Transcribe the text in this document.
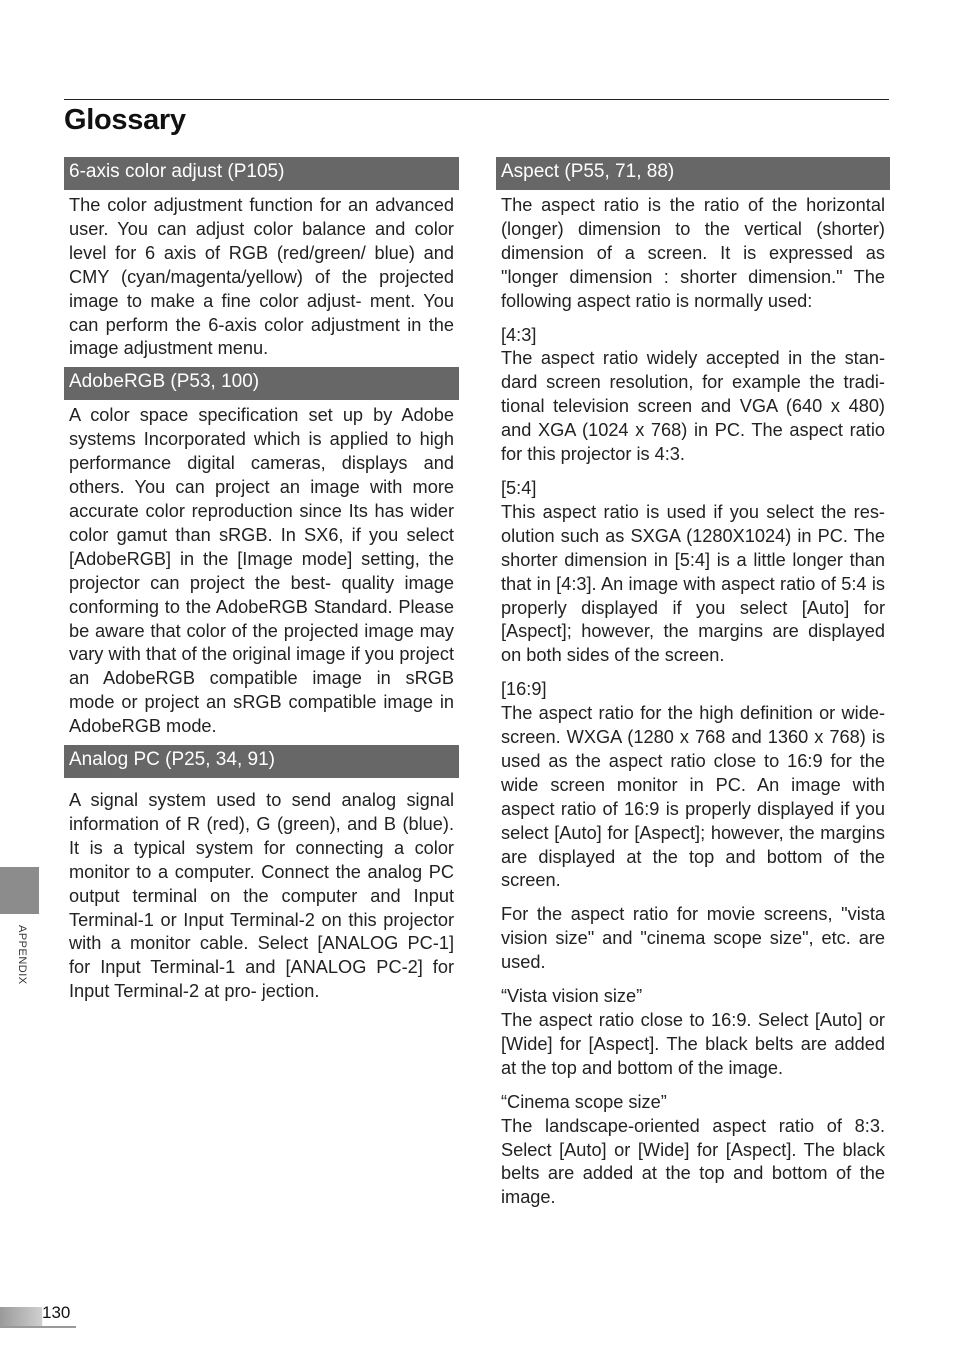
Glossary
6-axis color adjust (P105)

The color adjustment function for an advanced user. You can adjust color balance and color level for 6 axis of RGB (red/green/ blue) and CMY (cyan/magenta/yellow) of the projected image to make a fine color adjust- ment. You can perform the 6-axis color adjustment in the image adjustment menu.

AdobeRGB (P53, 100)

A color space specification set up by Adobe systems Incorporated which is applied to high performance digital cameras, displays and others. You can project an image with more accurate color reproduction since Its has wider color gamut than sRGB. In SX6, if you select [AdobeRGB] in the [Image mode] setting, the projector can project the best- quality image conforming to the AdobeRGB Standard. Please be aware that color of the projected image may vary with that of the original image if you project an AdobeRGB compatible image in sRGB mode or project an sRGB compatible image in AdobeRGB mode.

Analog PC (P25, 34, 91)

A signal system used to send analog signal information of R (red), G (green), and B (blue). It is a typical system for connecting a color monitor to a computer. Connect the analog PC output terminal on the computer and Input Terminal-1 or Input Terminal-2 on this projector with a monitor cable. Select [ANALOG PC-1] for Input Terminal-1 and [ANALOG PC-2] for Input Terminal-2 at pro- jection.

Aspect (P55, 71, 88)

The aspect ratio is the ratio of the horizontal (longer) dimension to the vertical (shorter) dimension of a screen. It is expressed as "longer dimension : shorter dimension." The following aspect ratio is normally used:

[4:3]

The aspect ratio widely accepted in the stan- dard screen resolution, for example the tradi- tional television screen and VGA (640 x 480) and XGA (1024 x 768) in PC. The aspect ratio for this projector is 4:3.

[5:4]

This aspect ratio is used if you select the res- olution such as SXGA (1280X1024) in PC. The shorter dimension in [5:4] is a little longer than that in [4:3]. An image with aspect ratio of 5:4 is properly displayed if you select [Auto] for [Aspect]; however, the margins are displayed on both sides of the screen.

[16:9]

The aspect ratio for the high definition or wide-screen. WXGA (1280 x 768 and 1360 x 768) is used as the aspect ratio close to 16:9 for the wide screen monitor in PC. An image with aspect ratio of 16:9 is properly displayed if you select [Auto] for [Aspect]; however, the margins are displayed at the top and bottom of the screen.

For the aspect ratio for movie screens, "vista vision size" and "cinema scope size", etc. are used.

“Vista vision size”

The aspect ratio close to 16:9. Select [Auto] or [Wide] for [Aspect]. The black belts are added at the top and bottom of the image.

“Cinema scope size”

The landscape-oriented aspect ratio of 8:3. Select [Auto] or [Wide] for [Aspect]. The black belts are added at the top and bottom of the image.

APPENDIX
130
